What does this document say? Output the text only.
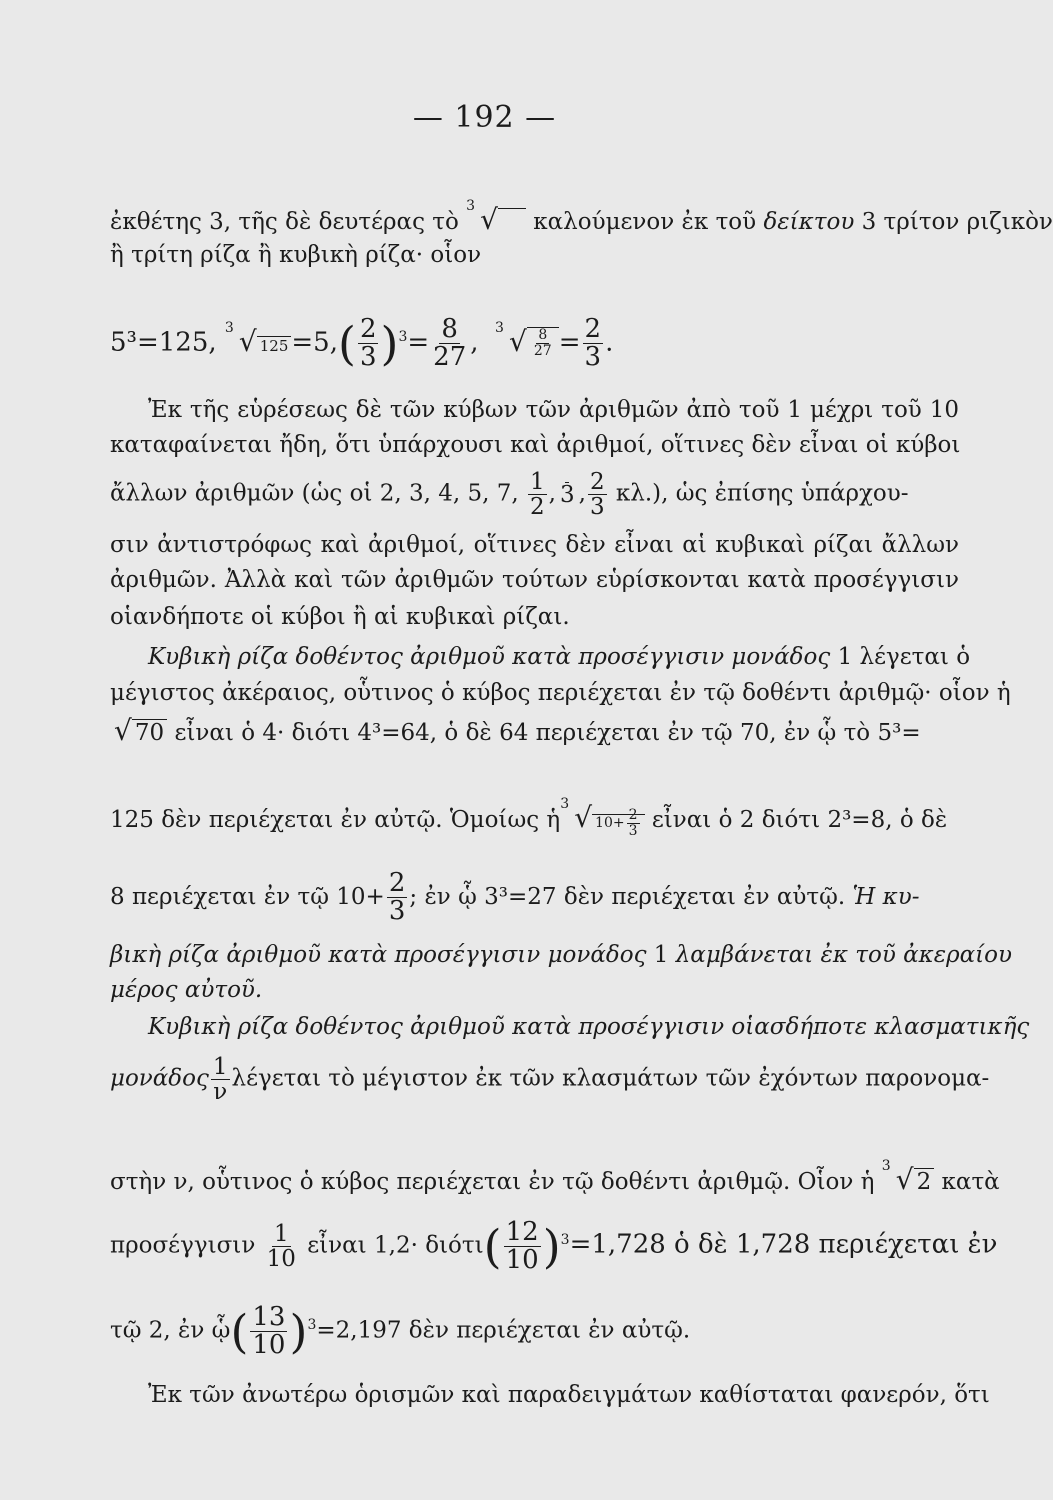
— 192 —
ἐκθέτης 3, τῆς δὲ δευτέρας τὸ
3 √ καλούμενον ἐκ τοῦ δείκτου 3 τρίτον ριζικὸν
ἢ τρίτη ρίζα ἢ κυβικὴ ρίζα· οἷον
5³=125, 3 √ $125 =5,( \frac{2}{3} )^3= \frac{8}{27}$ , 3 √ $\frac{8}{27} = \frac{2}{3}$ .
Ἐκ τῆς εὑρέσεως δὲ τῶν κύβων τῶν ἀριθμῶν ἀπὸ τοῦ 1 μέχρι τοῦ 10
καταφαίνεται ἤδη, ὅτι ὑπάρχουσι καὶ ἀριθμοί, οἵτινες δὲν εἶναι οἱ κύβοι
ἄλλων ἀριθμῶν (ὡς οἱ 2, 3, 4, 5, 7, $\frac{1}{2}$ , 3 , $\frac{2}{3} \kappa\lambda$.), ὡς ἐπίσης ὑπάρχου-
σιν ἀντιστρόφως καὶ ἀριθμοί, οἵτινες δὲν εἶναι αἱ κυβικαὶ ρίζαι ἄλλων
ἀριθμῶν. Ἀλλὰ καὶ τῶν ἀριθμῶν τούτων εὑρίσκονται κατὰ προσέγγισιν
οἱανδήποτε οἱ κύβοι ἢ αἱ κυβικαὶ ρίζαι.
Κυβικὴ ρίζα δοθέντος ἀριθμοῦ κατὰ προσέγγισιν μονάδος 1 λέγεται ὁ
μέγιστος ἀκέραιος, οὗτινος ὁ κύβος περιέχεται ἐν τῷ δοθέντι ἀριθμῷ· οἷον ἡ
√ 70 εἶναι ὁ 4· διότι 4³=64, ὁ δὲ 64 περιέχεται ἐν τῷ 70, ἐν ᾧ τὸ 5³=
125 δὲν περιέχεται ἐν αὐτῷ. Ὁμοίως ἡ
3 √ $10+ \frac{2}{3}$ εἶναι ὁ 2 διότι 2³=8, ὁ δὲ
8 περιέχεται ἐν τῷ $10+ \frac{2}{3}$ ; ἐν ᾧ 3³=27 δὲν περιέχεται ἐν αὐτῷ. Ἡ κυ-
βικὴ ρίζα ἀριθμοῦ κατὰ προσέγγισιν μονάδος 1 λαμβάνεται ἐκ τοῦ ἀκεραίου
μέρος αὐτοῦ.
Κυβικὴ ρίζα δοθέντος ἀριθμοῦ κατὰ προσέγγισιν οἱασδήποτε κλασματικῆς
μονάδος $\frac{1}{\nu}$ λέγεται τὸ μέγιστον ἐκ τῶν κλασμάτων τῶν ἐχόντων παρονομα-
στὴν ν, οὗτινος ὁ κύβος περιέχεται ἐν τῷ δοθέντι ἀριθμῷ. Οἷον ἡ
3 √ 2 κατὰ
προσέγγισιν $\frac{1}{10}$ εἶναι $1,2\cdot \delta\iota ό\tau\iota( \frac{12}{10} )^3=1,728$ ὁ δὲ 1,728 περιέχεται ἐν
τῷ 2, ἐν ᾧ( $\frac{13}{10} )^3=2,197$ δὲν περιέχεται ἐν αὐτῷ.
Ἐκ τῶν ἀνωτέρω ὁρισμῶν καὶ παραδειγμάτων καθίσταται φανερόν, ὅτι
